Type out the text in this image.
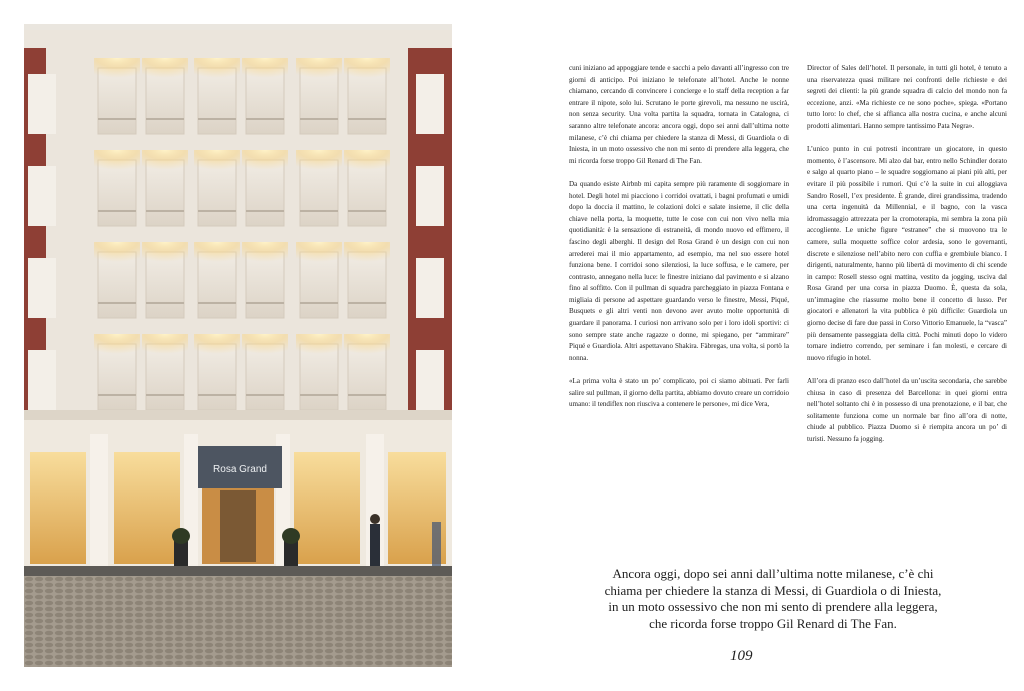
Rosa Grand

cuni iniziano ad appoggiare tende e sacchi a pelo davanti all’ingresso con tre giorni di anticipo. Poi iniziano le telefonate all’hotel. Anche le nonne chiamano, cercando di convincere i concierge e lo staff della reception a far entrare il nipote, solo lui. Scrutano le porte girevoli, ma nessuno ne uscirà, non senza security. Una volta partita la squadra, tornata in Catalogna, ci saranno altre telefonate ancora: ancora oggi, dopo sei anni dall’ultima notte milanese, c’è chi chiama per chiedere la stanza di Messi, di Guardiola o di Iniesta, in un moto ossessivo che non mi sento di prendere alla leggera, che mi ricorda forse troppo Gil Renard di The Fan.

Da quando esiste Airbnb mi capita sempre più raramente di soggiornare in hotel. Degli hotel mi piacciono i corridoi ovattati, i bagni profumati e umidi dopo la doccia il mattino, le colazioni dolci e salate insieme, il clic della chiave nella porta, la moquette, tutte le cose con cui non vivo nella mia quotidianità: è la sensazione di estraneità, di mondo nuovo ed effimero, il fascino degli alberghi. Il design del Rosa Grand è un design con cui non arrederei mai il mio appartamento, ad esempio, ma nel suo essere hotel funziona bene. I corridoi sono silenziosi, la luce soffusa, e le camere, per contrasto, annegano nella luce: le finestre iniziano dal pavimento e si alzano fino al soffitto. Con il pullman di squadra parcheggiato in piazza Fontana e migliaia di persone ad aspettare guardando verso le finestre, Messi, Piqué, Busquets e gli altri venti non devono aver avuto molte opportunità di guardare il panorama. I curiosi non arrivano solo per i loro idoli sportivi: ci sono sempre state anche ragazze o donne, mi spiegano, per “ammirare” Piqué e Guardiola. Altri aspettavano Shakira. Fàbregas, una volta, si portò la nonna.

«La prima volta è stato un po’ complicato, poi ci siamo abituati. Per farli salire sul pullman, il giorno della partita, abbiamo dovuto creare un corridoio umano: il tendiflex non riusciva a contenere le persone», mi dice Vera,

Director of Sales dell’hotel. Il personale, in tutti gli hotel, è tenuto a una riservatezza quasi militare nei confronti delle richieste e dei segreti dei clienti: la più grande squadra di calcio del mondo non fa eccezione, anzi. «Ma richieste ce ne sono poche», spiega. «Portano tutto loro: lo chef, che si affianca alla nostra cucina, e anche alcuni prodotti alimentari. Hanno sempre tantissimo Pata Negra».

L’unico punto in cui potresti incontrare un giocatore, in questo momento, è l’ascensore. Mi alzo dal bar, entro nello Schindler dorato e salgo al quarto piano – le squadre soggiornano ai piani più alti, per evitare il più possibile i rumori. Qui c’è la suite in cui alloggiava Sandro Rosell, l’ex presidente. È grande, direi grandissima, tradendo una certa ingenuità da Millennial, e il bagno, con la vasca idromassaggio attrezzata per la cromoterapia, mi sembra la zona più accogliente. Le uniche figure “estranee” che si muovono tra le camere, sulla moquette soffice color ardesia, sono le governanti, discrete e silenziose nell’abito nero con cuffia e grembiule bianco. I dirigenti, naturalmente, hanno più libertà di movimento di chi scende in campo: Rosell stesso ogni mattina, vestito da jogging, usciva dal Rosa Grand per una corsa in piazza Duomo. È, questa da sola, un’immagine che riassume molto bene il concetto di lusso. Per giocatori e allenatori la vita pubblica è più difficile: Guardiola un giorno decise di fare due passi in Corso Vittorio Emanuele, la “vasca” più densamente passeggiata della città. Pochi minuti dopo lo videro tornare indietro correndo, per seminare i fan molesti, e cercare di nuovo rifugio in hotel.

All’ora di pranzo esco dall’hotel da un’uscita secondaria, che sarebbe chiusa in caso di presenza del Barcellona: in quei giorni entra nell’hotel soltanto chi è in possesso di una prenotazione, e il bar, che solitamente funziona come un normale bar fino all’ora di notte, chiude al pubblico. Piazza Duomo si è riempita ancora un po’ di turisti. Nessuno fa jogging.

Ancora oggi, dopo sei anni dall’ultima notte milanese, c’è chi
chiama per chiedere la stanza di Messi, di Guardiola o di Iniesta,
in un moto ossessivo che non mi sento di prendere alla leggera,
che ricorda forse troppo Gil Renard di The Fan.
109
